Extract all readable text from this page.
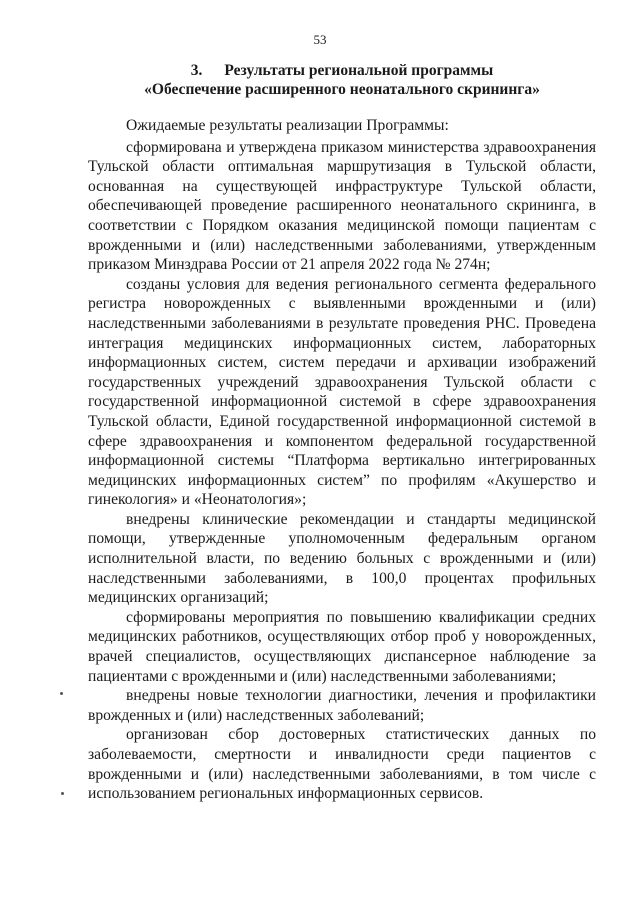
53
3. Результаты региональной программы
«Обеспечение расширенного неонатального скрининга»

Ожидаемые результаты реализации Программы:

сформирована и утверждена приказом министерства здравоохранения Тульской области оптимальная маршрутизация в Тульской области, основанная на существующей инфраструктуре Тульской области, обеспечивающей проведение расширенного неонатального скрининга, в соответствии с Порядком оказания медицинской помощи пациентам с врожденными и (или) наследственными заболеваниями, утвержденным приказом Минздрава России от 21 апреля 2022 года № 274н;

созданы условия для ведения регионального сегмента федерального регистра новорожденных с выявленными врожденными и (или) наследственными заболеваниями в результате проведения РНС. Проведена интеграция медицинских информационных систем, лабораторных информационных систем, систем передачи и архивации изображений государственных учреждений здравоохранения Тульской области с государственной информационной системой в сфере здравоохранения Тульской области, Единой государственной информационной системой в сфере здравоохранения и компонентом федеральной государственной информационной системы “Платформа вертикально интегрированных медицинских информационных систем” по профилям «Акушерство и гинекология» и «Неонатология»;

внедрены клинические рекомендации и стандарты медицинской помощи, утвержденные уполномоченным федеральным органом исполнительной власти, по ведению больных с врожденными и (или) наследственными заболеваниями, в 100,0 процентах профильных медицинских организаций;

сформированы мероприятия по повышению квалификации средних медицинских работников, осуществляющих отбор проб у новорожденных, врачей специалистов, осуществляющих диспансерное наблюдение за пациентами с врожденными и (или) наследственными заболеваниями;

внедрены новые технологии диагностики, лечения и профилактики врожденных и (или) наследственных заболеваний;

организован сбор достоверных статистических данных по заболеваемости, смертности и инвалидности среди пациентов с врожденными и (или) наследственными заболеваниями, в том числе с использованием региональных информационных сервисов.
